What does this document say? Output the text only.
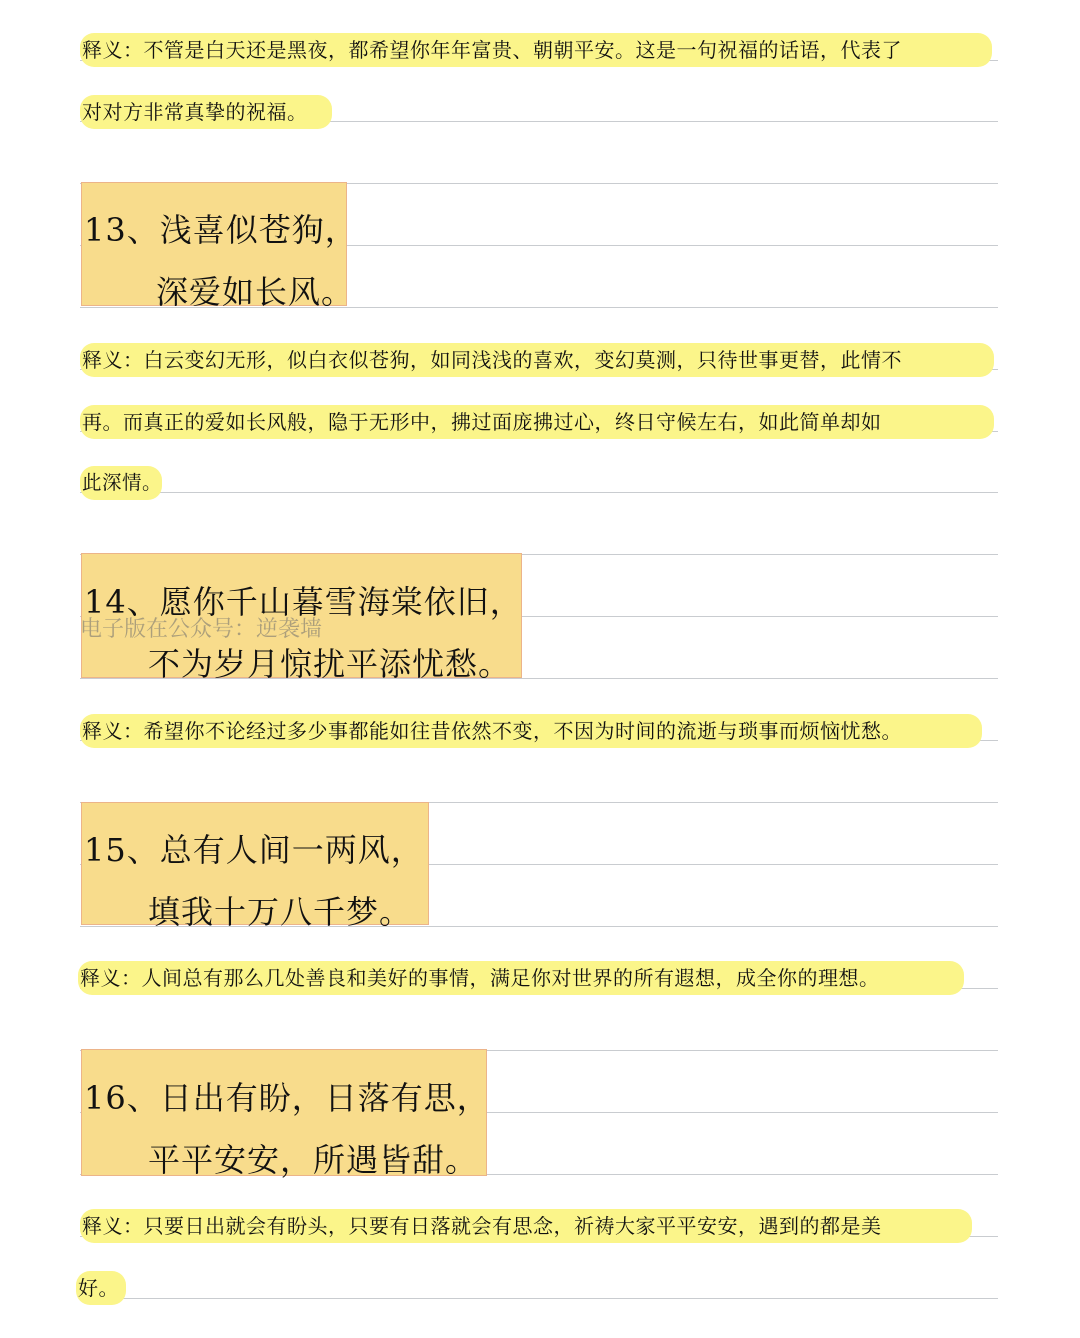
释义：不管是白天还是黑夜，都希望你年年富贵、朝朝平安。这是一句祝福的话语，代表了
对对方非常真挚的祝福。
13、浅喜似苍狗，
深爱如长风。
释义：白云变幻无形，似白衣似苍狗，如同浅浅的喜欢，变幻莫测，只待世事更替，此情不
再。而真正的爱如长风般，隐于无形中，拂过面庞拂过心，终日守候左右，如此简单却如
此深情。
14、愿你千山暮雪海棠依旧，
不为岁月惊扰平添忧愁。
电子版在公众号：逆袭墙
释义：希望你不论经过多少事都能如往昔依然不变，不因为时间的流逝与琐事而烦恼忧愁。
15、总有人间一两风，
填我十万八千梦。
释义：人间总有那么几处善良和美好的事情，满足你对世界的所有遐想，成全你的理想。
16、日出有盼，日落有思，
平平安安，所遇皆甜。
释义：只要日出就会有盼头，只要有日落就会有思念，祈祷大家平平安安，遇到的都是美
好。
